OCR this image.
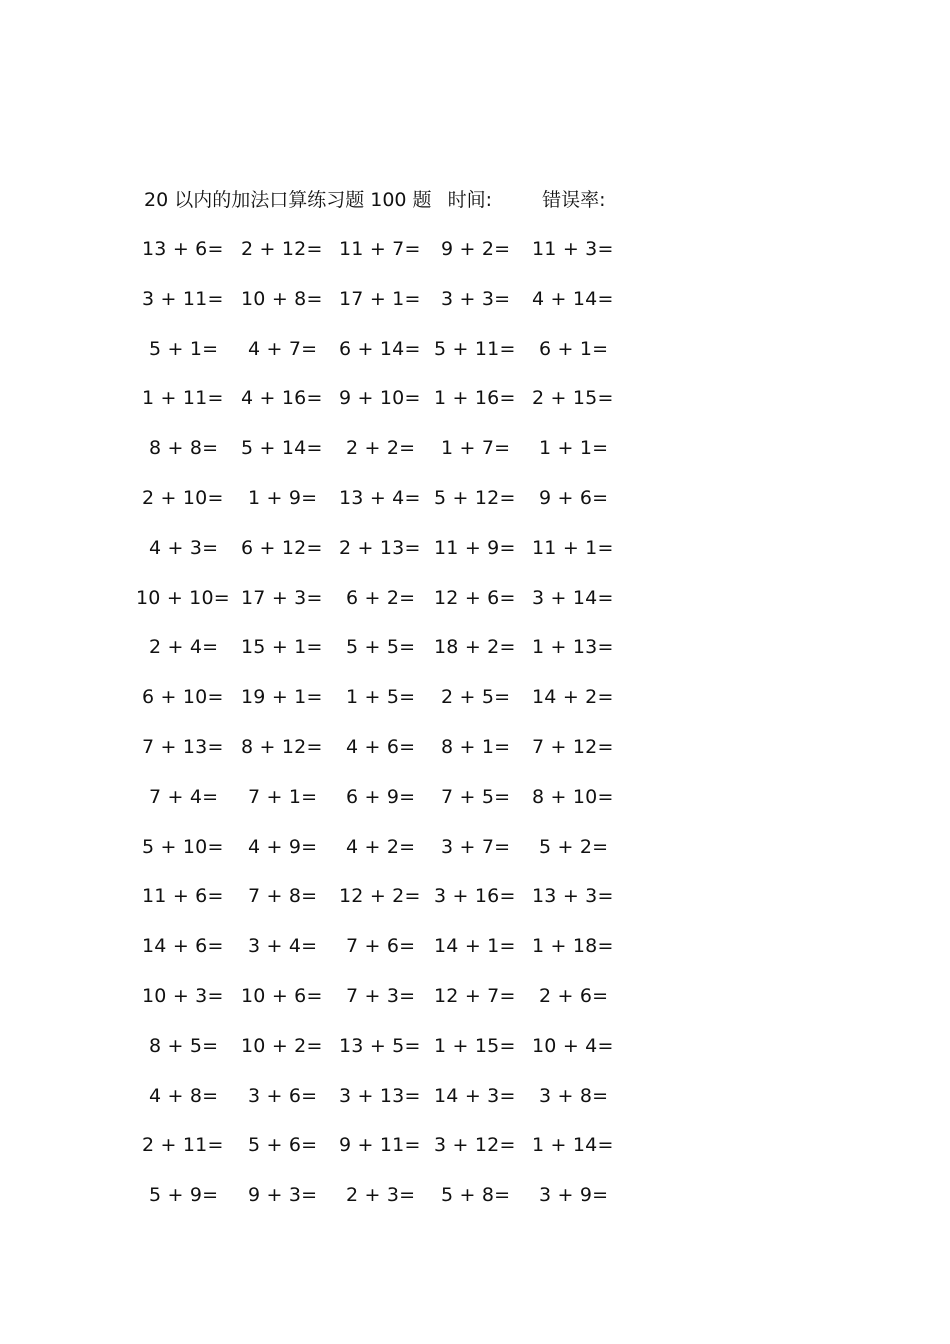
20 以内的加法口算练习题 100 题 时间:	错误率:
13 + 6= 2 + 12= 11 + 7= 9 + 2= 11 + 3=
3 + 11= 10 + 8= 17 + 1= 3 + 3= 4 + 14=
5 + 1= 4 + 7= 6 + 14= 5 + 11= 6 + 1=
1 + 11= 4 + 16= 9 + 10= 1 + 16= 2 + 15=
8 + 8= 5 + 14= 2 + 2= 1 + 7= 1 + 1=
2 + 10= 1 + 9= 13 + 4= 5 + 12= 9 + 6=
4 + 3= 6 + 12= 2 + 13= 11 + 9= 11 + 1=
10 + 10= 17 + 3= 6 + 2= 12 + 6= 3 + 14=
2 + 4= 15 + 1= 5 + 5= 18 + 2= 1 + 13=
6 + 10= 19 + 1= 1 + 5= 2 + 5= 14 + 2=
7 + 13= 8 + 12= 4 + 6= 8 + 1= 7 + 12=
7 + 4= 7 + 1= 6 + 9= 7 + 5= 8 + 10=
5 + 10= 4 + 9= 4 + 2= 3 + 7= 5 + 2=
11 + 6= 7 + 8= 12 + 2= 3 + 16= 13 + 3=
14 + 6= 3 + 4= 7 + 6= 14 + 1= 1 + 18=
10 + 3= 10 + 6= 7 + 3= 12 + 7= 2 + 6=
8 + 5= 10 + 2= 13 + 5= 1 + 15= 10 + 4=
4 + 8= 3 + 6= 3 + 13= 14 + 3= 3 + 8=
2 + 11= 5 + 6= 9 + 11= 3 + 12= 1 + 14=
5 + 9= 9 + 3= 2 + 3= 5 + 8= 3 + 9=
